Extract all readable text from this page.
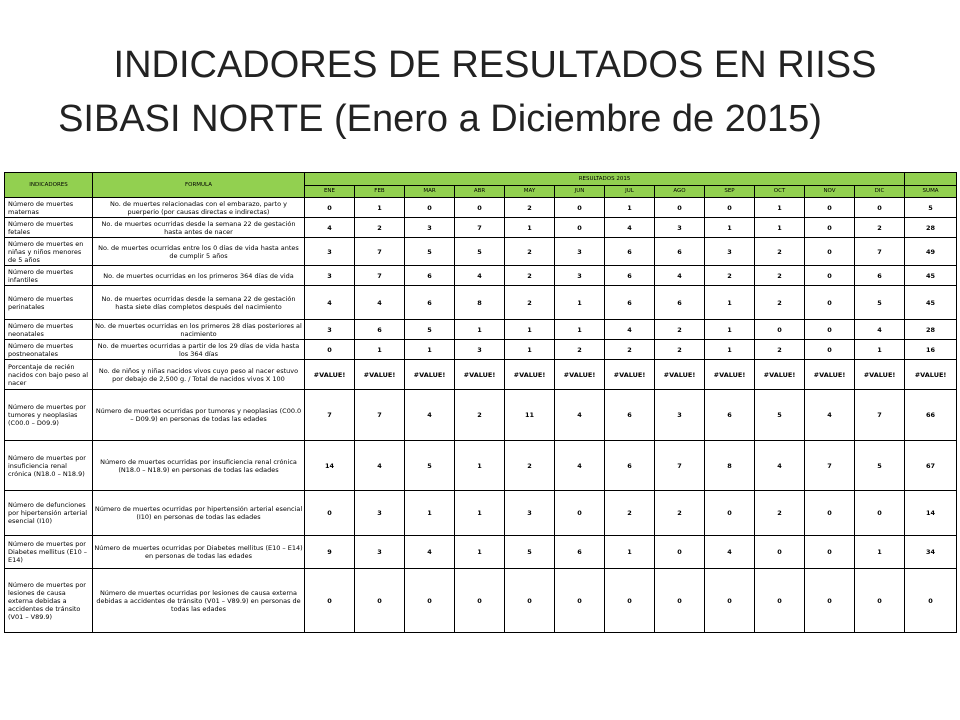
INDICADORES DE RESULTADOS EN RIISS
SIBASI NORTE (Enero a Diciembre de 2015)
INDICADORES	FORMULA	RESULTADOS 2015												
		ENE	FEB	MAR	ABR	MAY	JUN	JUL	AGO	SEP	OCT	NOV	DIC	SUMA
Número de muertes maternas	No. de muertes relacionadas con el embarazo, parto y puerperio (por causas directas e indirectas)	0	1	0	0	2	0	1	0	0	1	0	0	5
Número de muertes fetales	No. de muertes ocurridas desde la semana 22 de gestación hasta antes de nacer	4	2	3	7	1	0	4	3	1	1	0	2	28
Número de muertes en niñas y niños menores de 5 años	No. de muertes ocurridas entre los 0 días de vida hasta antes de cumplir 5 años	3	7	5	5	2	3	6	6	3	2	0	7	49
Número de muertes infantiles	No. de muertes ocurridas en los primeros 364 días de vida	3	7	6	4	2	3	6	4	2	2	0	6	45
Número de muertes perinatales	No. de muertes ocurridas desde la semana 22 de gestación hasta siete días completos después del nacimiento	4	4	6	8	2	1	6	6	1	2	0	5	45
Número de muertes neonatales	No. de muertes ocurridas en los primeros 28 días posteriores al nacimiento	3	6	5	1	1	1	4	2	1	0	0	4	28
Número de muertes postneonatales	No. de muertes ocurridas a partir de los 29 días de vida hasta los 364 días	0	1	1	3	1	2	2	2	1	2	0	1	16
Porcentaje de recién nacidos con bajo peso al nacer	No. de niños y niñas nacidos vivos cuyo peso al nacer estuvo por debajo de 2,500 g. / Total de nacidos vivos X 100	#VALUE!	#VALUE!	#VALUE!	#VALUE!	#VALUE!	#VALUE!	#VALUE!	#VALUE!	#VALUE!	#VALUE!	#VALUE!	#VALUE!	#VALUE!
Número de muertes por tumores y neoplasias (C00.0 – D09.9)	Número de muertes ocurridas por tumores y neoplasias (C00.0 – D09.9) en personas de todas las edades	7	7	4	2	11	4	6	3	6	5	4	7	66
Número de muertes por insuficiencia renal crónica (N18.0 – N18.9)	Número de muertes ocurridas por insuficiencia renal crónica (N18.0 – N18.9) en personas de todas las edades	14	4	5	1	2	4	6	7	8	4	7	5	67
Número de defunciones por hipertensión arterial esencial (I10)	Número de muertes ocurridas por hipertensión arterial esencial (I10) en personas de todas las edades	0	3	1	1	3	0	2	2	0	2	0	0	14
Número de muertes por Diabetes mellitus (E10 – E14)	Número de muertes ocurridas por Diabetes mellitus (E10 – E14) en personas de todas las edades	9	3	4	1	5	6	1	0	4	0	0	1	34
Número de muertes por lesiones de causa externa debidas a accidentes de tránsito (V01 – V89.9)	Número de muertes ocurridas por lesiones de causa externa debidas a accidentes de tránsito (V01 – V89.9) en personas de todas las edades	0	0	0	0	0	0	0	0	0	0	0	0	0
